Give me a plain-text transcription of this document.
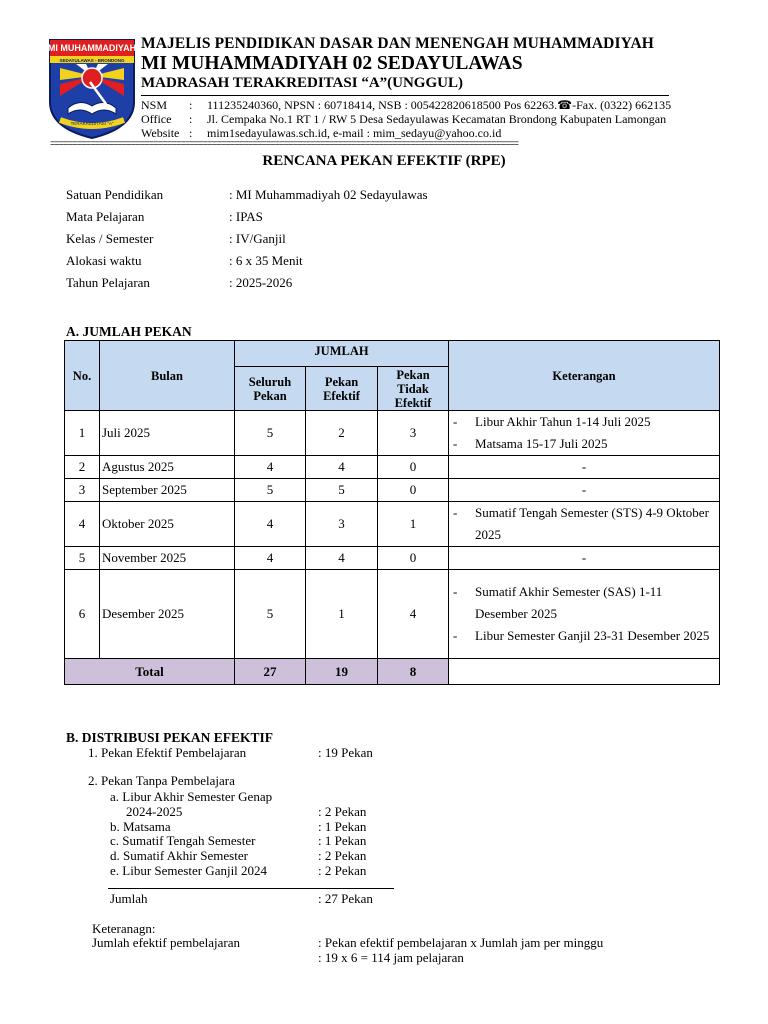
MI MUHAMMADIYAH
SEDAYULAWAS - BRONDONG
TERAKREDITASI "A"
MAJELIS PENDIDIKAN DASAR DAN MENENGAH MUHAMMADIYAH
MI MUHAMMADIYAH 02 SEDAYULAWAS
MADRASAH TERAKREDITASI “A”(UNGGUL)
NSM : 111235240360, NPSN : 60718414, NSB : 005422820618500 Pos 62263.☎-Fax. (0322) 662135
Office : Jl. Cempaka No.1 RT 1 / RW 5 Desa Sedayulawas Kecamatan Brondong Kabupaten Lamongan
Website : mim1sedayulawas.sch.id, e-mail : mim_sedayu@yahoo.co.id
========================================================================================================
RENCANA PEKAN EFEKTIF (RPE)
Satuan Pendidikan	: MI Muhammadiyah 02 Sedayulawas
Mata Pelajaran	: IPAS
Kelas / Semester	: IV/Ganjil
Alokasi waktu	: 6 x 35 Menit
Tahun Pelajaran	: 2025-2026
A. JUMLAH PEKAN
No.	Bulan	JUMLAH			Keterangan
		Seluruh Pekan	Pekan Efektif	Pekan Tidak Efektif	
1	Juli 2025	5	2	3	- Libur Akhir Tahun 1-14 Juli 2025
- Matsama 15-17 Juli 2025

2	Agustus 2025	4	4	0	-
3	September 2025	5	5	0	-
4	Oktober 2025	4	3	1	- Sumatif Tengah Semester (STS) 4-9 Oktober 2025

5	November 2025	4	4	0	-
6	Desember 2025	5	1	4	- Sumatif Akhir Semester (SAS) 1-11 Desember 2025
- Libur Semester Ganjil 23-31 Desember 2025

Total		27	19	8	
B. DISTRIBUSI PEKAN EFEKTIF
1. Pekan Efektif Pembelajaran	: 19 Pekan
2. Pekan Tanpa Pembelajara
a. Libur Akhir Semester Genap
2024-2025	: 2 Pekan
b. Matsama	: 1 Pekan
c. Sumatif Tengah Semester	: 1 Pekan
d. Sumatif Akhir Semester	: 2 Pekan
e. Libur Semester Ganjil 2024	: 2 Pekan
Jumlah	: 27 Pekan
Keteranagn:
Jumlah efektif pembelajaran	: Pekan efektif pembelajaran x Jumlah jam per minggu
: 19 x 6 = 114 jam pelajaran
